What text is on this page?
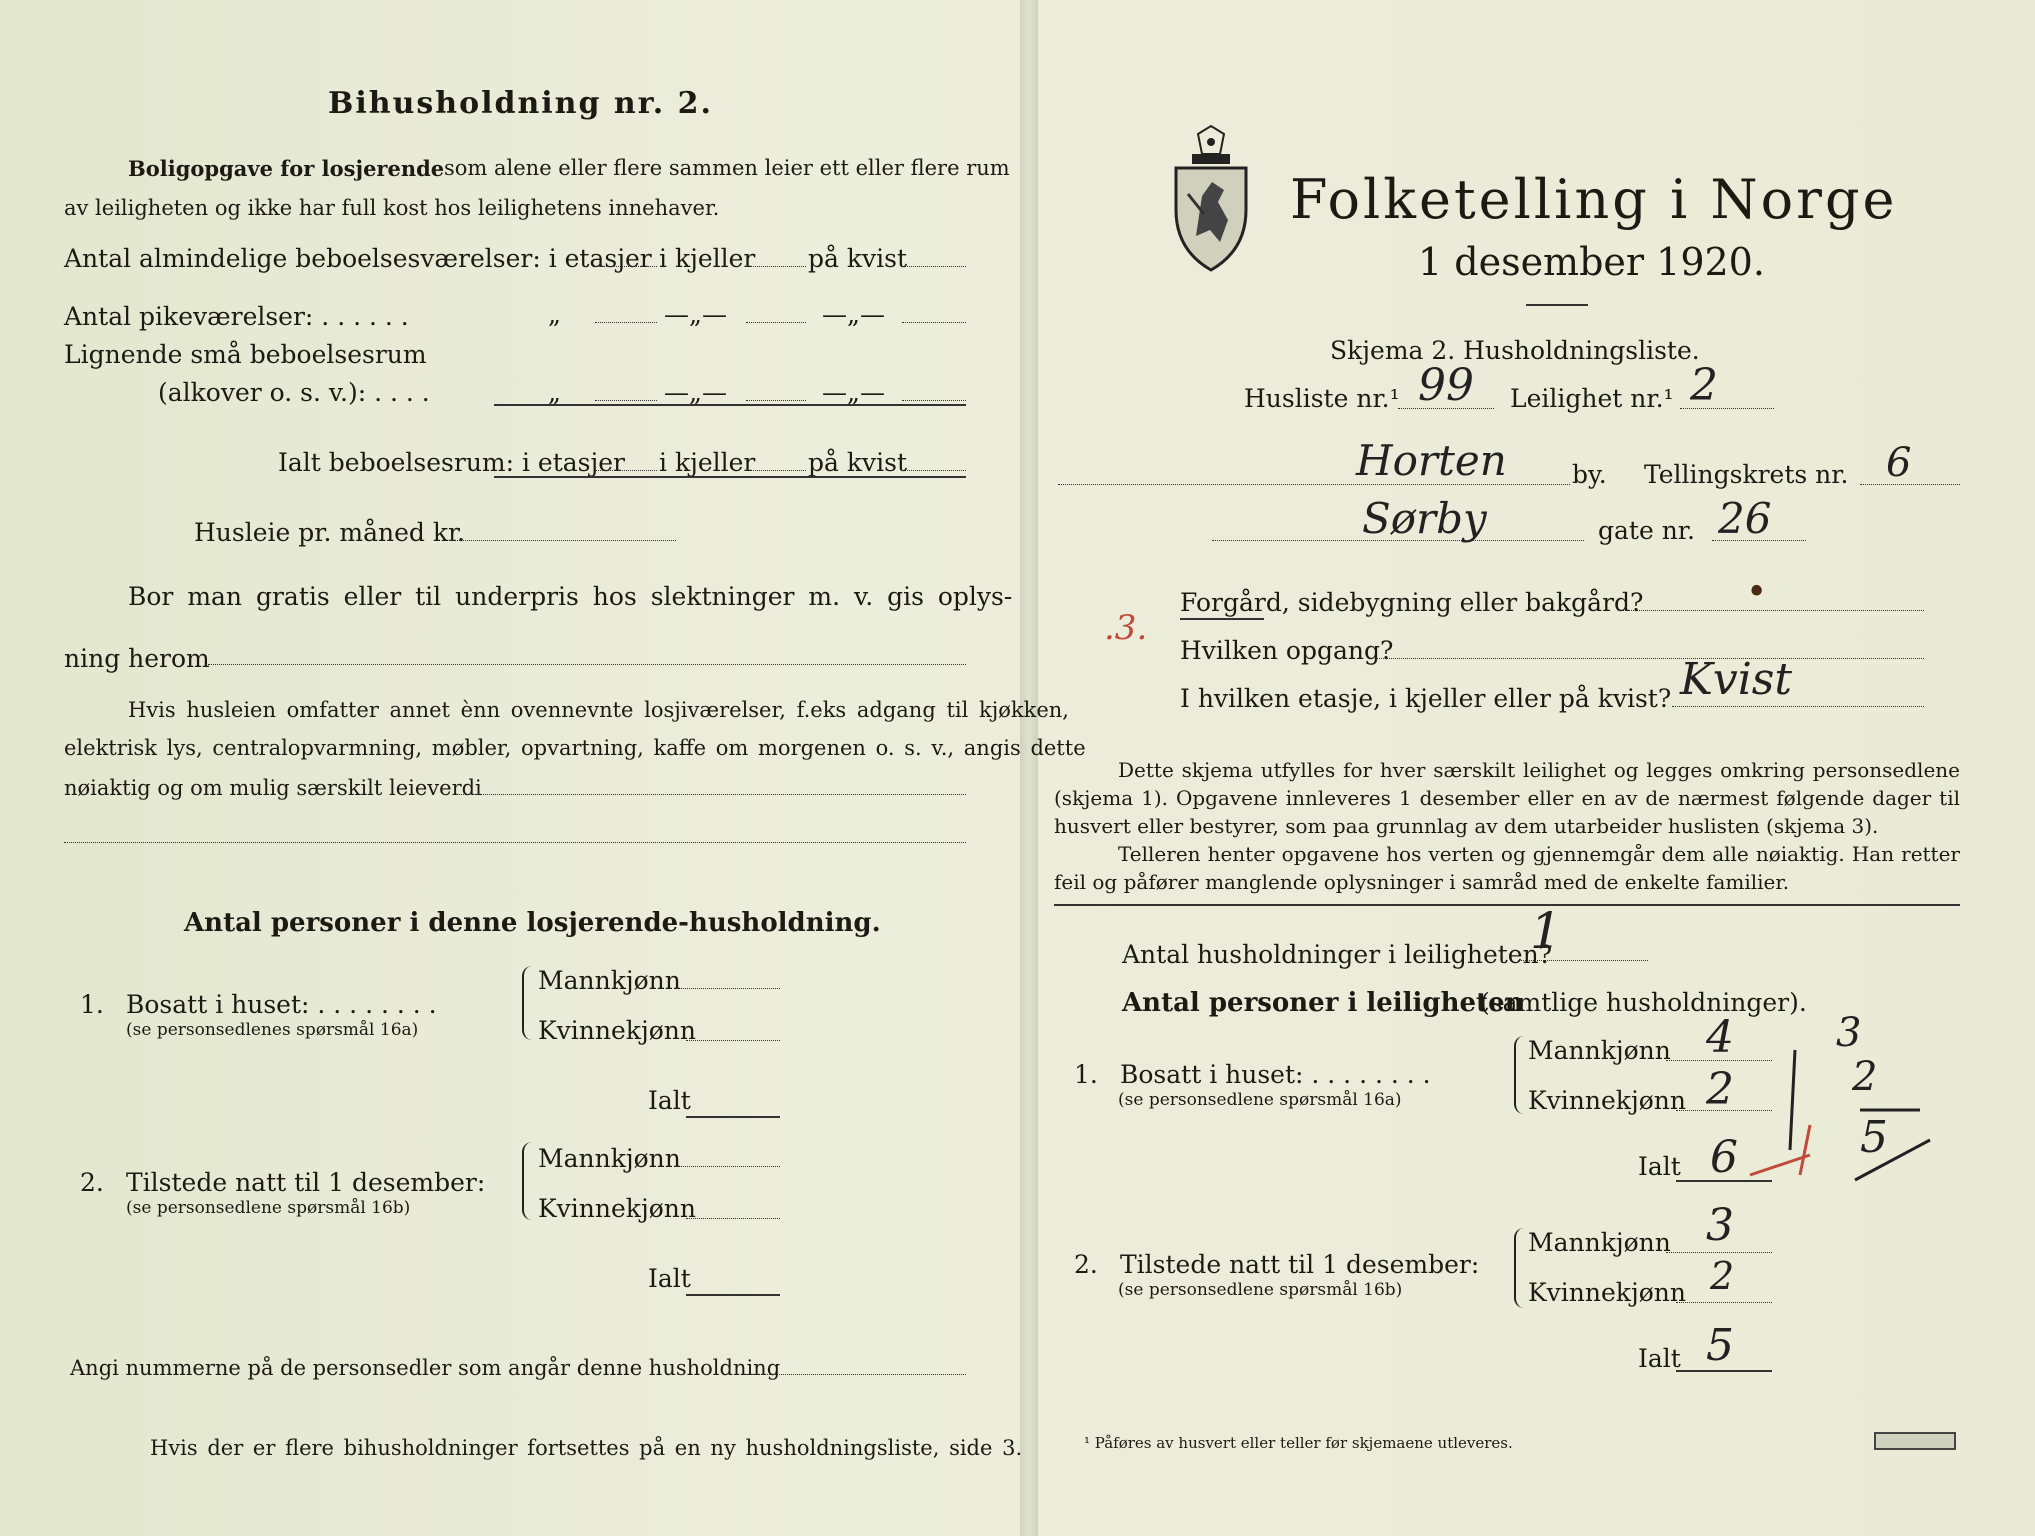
Bihusholdning nr. 2.
Boligopgave for losjerende som alene eller flere sammen leier ett eller flere rum
av leiligheten og ikke har full kost hos leilighetens innehaver.
Antal almindelige beboelsesværelser: i etasjer i kjeller på kvist
Antal pikeværelser: . . . . . .	„	—„—	—„—
Lignende små beboelsesrum
(alkover o. s. v.): . . . .	„	—„—	—„—
Ialt beboelsesrum: i etasjer i kjeller på kvist
Husleie pr. måned kr.
Bor man gratis eller til underpris hos slektninger m. v. gis oplys-
ning herom
Hvis husleien omfatter annet ènn ovennevnte losjiværelser, f.eks adgang til kjøkken,
elektrisk lys, centralopvarmning, møbler, opvartning, kaffe om morgenen o. s. v., angis dette
nøiaktig og om mulig særskilt leieverdi
Antal personer i denne losjerende-husholdning.
1. Bosatt i huset: . . . . . . . .
(se personsedlenes spørsmål 16a)
Mannkjønn
Kvinnekjønn
Ialt
2. Tilstede natt til 1 desember:
(se personsedlene spørsmål 16b)
Mannkjønn
Kvinnekjønn
Ialt
Angi nummerne på de personsedler som angår denne husholdning
Hvis der er flere bihusholdninger fortsettes på en ny husholdningsliste, side 3.
Folketelling i Norge
1 desember 1920.
Skjema 2. Husholdningsliste.
Husliste nr.¹ 99 Leilighet nr.¹ 2
Horten	by. Tellingskrets nr. 6
Sørby	gate nr. 26
.3.
Forgård, sidebygning eller bakgård?	•
Hvilken opgang?
I hvilken etasje, i kjeller eller på kvist? Kvist
Dette skjema utfylles for hver særskilt leilighet og legges omkring personsedlene (skjema 1). Opgavene innleveres 1 desember eller en av de nærmest følgende dager til husvert eller bestyrer, som paa grunnlag av dem utarbeider huslisten (skjema 3).
Telleren henter opgavene hos verten og gjennemgår dem alle nøiaktig. Han retter feil og påfører manglende oplysninger i samråd med de enkelte familier.
Antal husholdninger i leiligheten?
1
Antal personer i leiligheten
(samtlige husholdninger).
1. Bosatt i huset: . . . . . . . .
(se personsedlene spørsmål 16a)
Mannkjønn 4
Kvinnekjønn 2
Ialt 6
3
2
5
2. Tilstede natt til 1 desember:
(se personsedlene spørsmål 16b)
Mannkjønn 3
Kvinnekjønn 2
Ialt 5
¹ Påføres av husvert eller teller før skjemaene utleveres.
